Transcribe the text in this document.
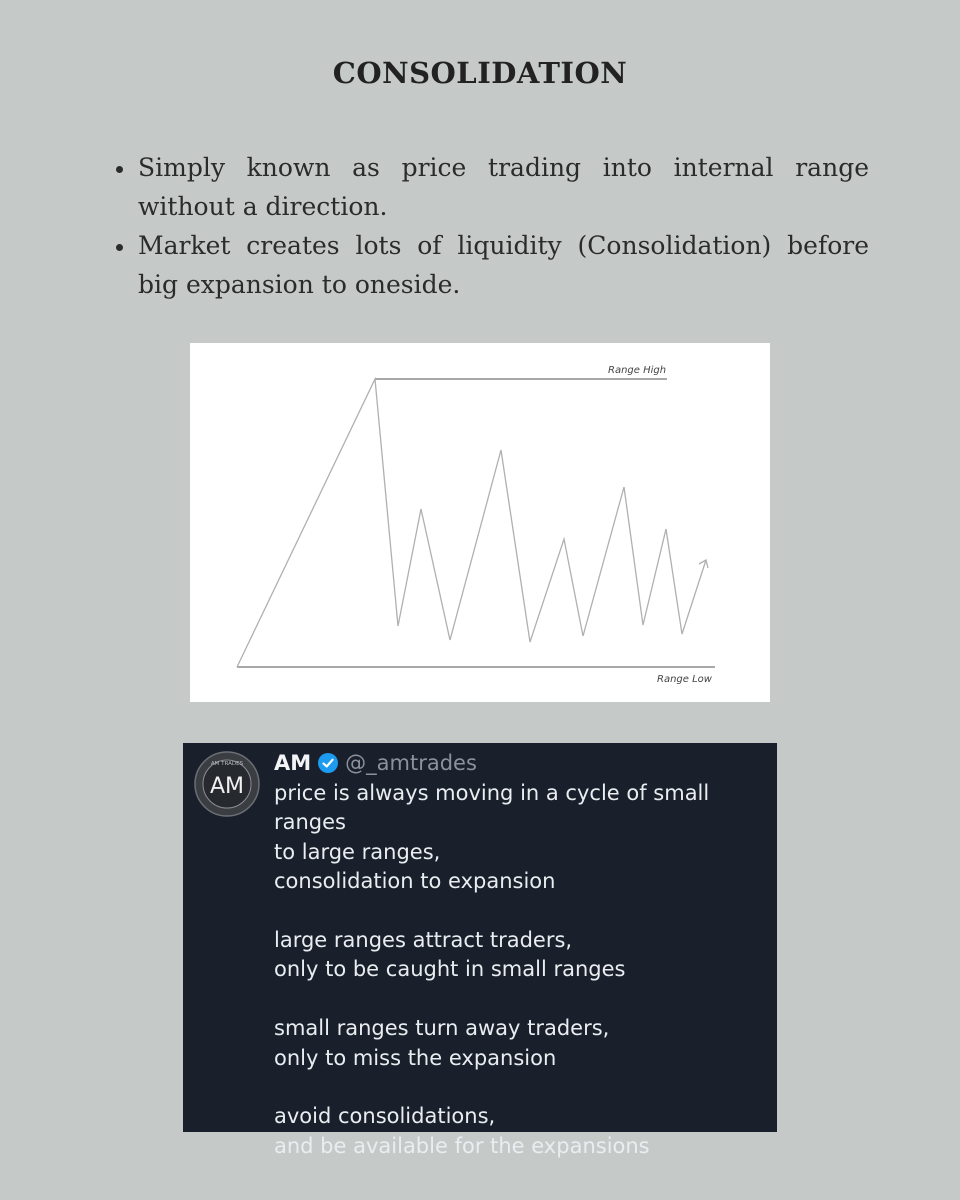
CONSOLIDATION
Simply known as price trading into internal range without a direction.
Market creates lots of liquidity (Consolidation) before big expansion to oneside.
Range High
Range Low
AM TRADES
AM
AM @_amtrades

price is always moving in a cycle of small ranges

to large ranges,

consolidation to expansion

large ranges attract traders,

only to be caught in small ranges

small ranges turn away traders,

only to miss the expansion

avoid consolidations,

and be available for the expansions
